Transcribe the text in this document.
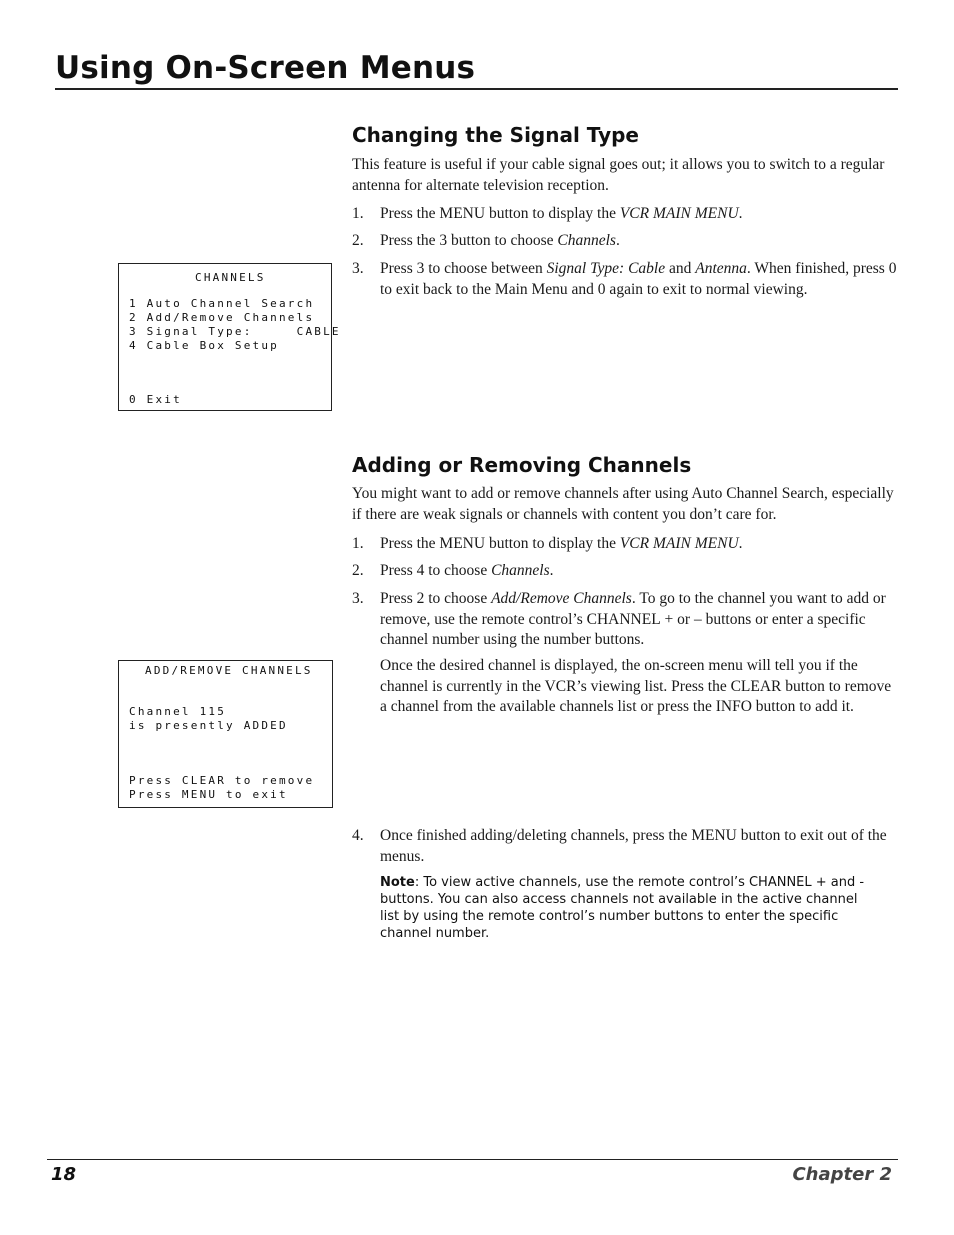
Using On-Screen Menus
Changing the Signal Type
This feature is useful if your cable signal goes out; it allows you to switch to a regular antenna for alternate television reception.
1.	Press the MENU button to display the VCR MAIN MENU.
2.	Press the 3 button to choose Channels.
3.	Press 3 to choose between Signal Type: Cable and Antenna. When finished, press 0 to exit back to the Main Menu and 0 again to exit to normal viewing.
CHANNELS
1 Auto Channel Search
2 Add/Remove Channels
3 Signal Type:     CABLE
4 Cable Box Setup
0 Exit
Adding or Removing Channels
You might want to add or remove channels after using Auto Channel Search, especially if there are weak signals or channels with content you don’t care for.
1.	Press the MENU button to display the VCR MAIN MENU.
2.	Press 4 to choose Channels.
3.	Press 2 to choose Add/Remove Channels. To go to the channel you want to add or remove, use the remote control’s CHANNEL + or – buttons or enter a specific channel number using the number buttons.
Once the desired channel is displayed, the on-screen menu will tell you if the channel is currently in the VCR’s viewing list. Press the CLEAR button to remove a channel from the available channels list or press the INFO button to add it.
ADD/REMOVE CHANNELS
Channel 115
is presently ADDED
Press CLEAR to remove
Press MENU to exit
4.	Once finished adding/deleting channels, press the MENU button to exit out of the menus.
Note: To view active channels, use the remote control’s CHANNEL + and - buttons. You can also access channels not available in the active channel list by using the remote control’s number buttons to enter the specific channel number.
18	Chapter 2
